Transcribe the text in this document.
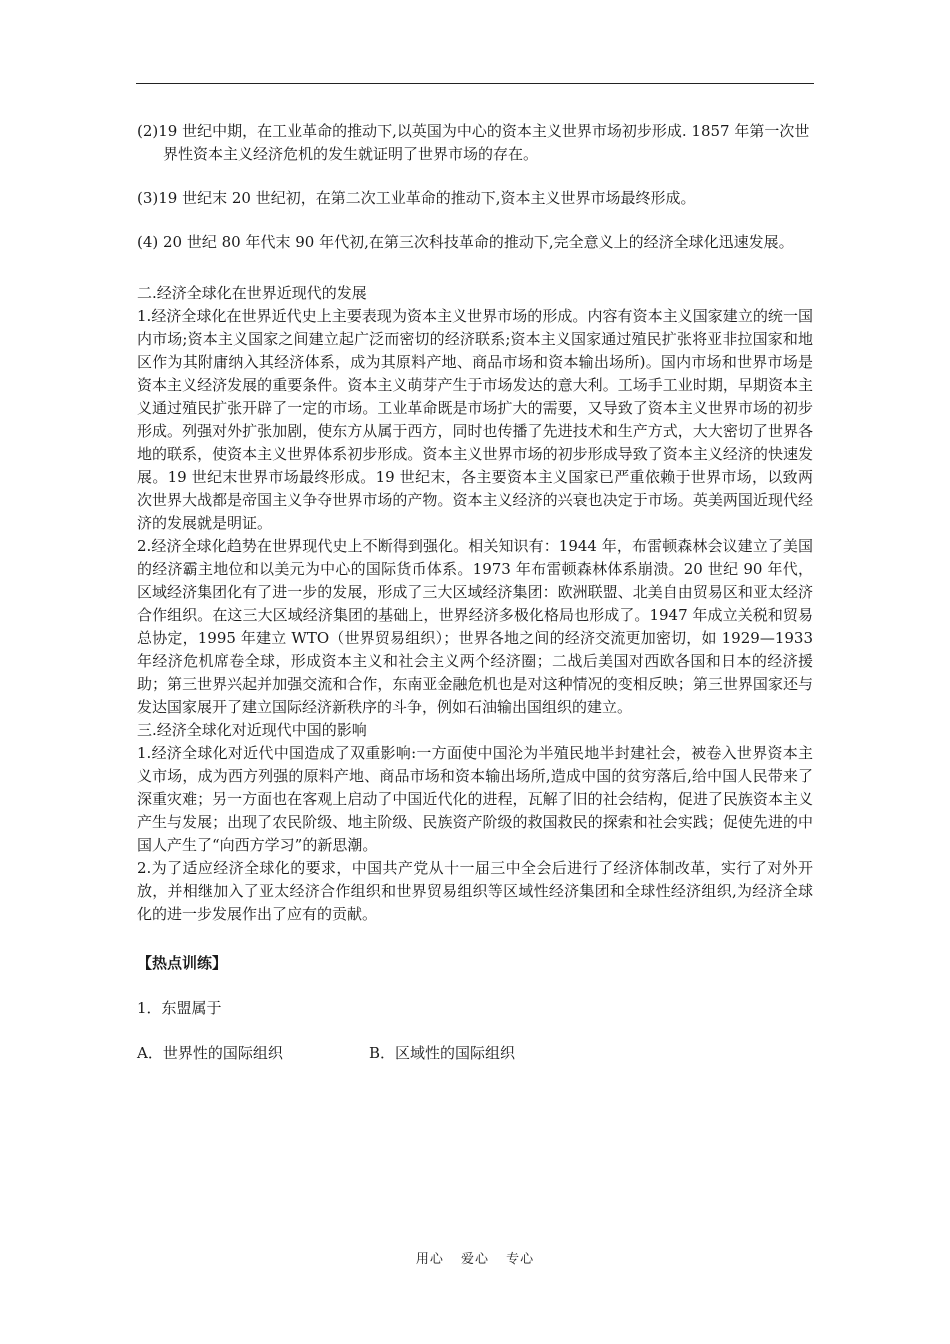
(2)19 世纪中期，在工业革命的推动下,以英国为中心的资本主义世界市场初步形成. 1857 年第一次世界性资本主义经济危机的发生就证明了世界市场的存在。

(3)19 世纪末 20 世纪初，在第二次工业革命的推动下,资本主义世界市场最终形成。

(4) 20 世纪 80 年代末 90 年代初,在第三次科技革命的推动下,完全意义上的经济全球化迅速发展。

二.经济全球化在世界近现代的发展

1.经济全球化在世界近代史上主要表现为资本主义世界市场的形成。内容有资本主义国家建立的统一国内市场;资本主义国家之间建立起广泛而密切的经济联系;资本主义国家通过殖民扩张将亚非拉国家和地区作为其附庸纳入其经济体系，成为其原料产地、商品市场和资本输出场所)。国内市场和世界市场是资本主义经济发展的重要条件。资本主义萌芽产生于市场发达的意大利。工场手工业时期，早期资本主义通过殖民扩张开辟了一定的市场。工业革命既是市场扩大的需要，又导致了资本主义世界市场的初步形成。列强对外扩张加剧，使东方从属于西方，同时也传播了先进技术和生产方式，大大密切了世界各地的联系，使资本主义世界体系初步形成。资本主义世界市场的初步形成导致了资本主义经济的快速发展。19 世纪末世界市场最终形成。19 世纪末，各主要资本主义国家已严重依赖于世界市场，以致两次世界大战都是帝国主义争夺世界市场的产物。资本主义经济的兴衰也决定于市场。英美两国近现代经济的发展就是明证。

2.经济全球化趋势在世界现代史上不断得到强化。相关知识有：1944 年，布雷顿森林会议建立了美国的经济霸主地位和以美元为中心的国际货币体系。1973 年布雷顿森林体系崩溃。20 世纪 90 年代，区域经济集团化有了进一步的发展，形成了三大区域经济集团：欧洲联盟、北美自由贸易区和亚太经济合作组织。在这三大区域经济集团的基础上，世界经济多极化格局也形成了。1947 年成立关税和贸易总协定，1995 年建立 WTO（世界贸易组织）；世界各地之间的经济交流更加密切，如 1929—1933 年经济危机席卷全球，形成资本主义和社会主义两个经济圈；二战后美国对西欧各国和日本的经济援助；第三世界兴起并加强交流和合作，东南亚金融危机也是对这种情况的变相反映；第三世界国家还与发达国家展开了建立国际经济新秩序的斗争，例如石油输出国组织的建立。

三.经济全球化对近现代中国的影响

1.经济全球化对近代中国造成了双重影响:一方面使中国沦为半殖民地半封建社会，被卷入世界资本主义市场，成为西方列强的原料产地、商品市场和资本输出场所,造成中国的贫穷落后,给中国人民带来了深重灾难；另一方面也在客观上启动了中国近代化的进程，瓦解了旧的社会结构，促进了民族资本主义产生与发展；出现了农民阶级、地主阶级、民族资产阶级的救国救民的探索和社会实践；促使先进的中国人产生了“向西方学习”的新思潮。

2.为了适应经济全球化的要求，中国共产党从十一届三中全会后进行了经济体制改革，实行了对外开放，并相继加入了亚太经济合作组织和世界贸易组织等区域性经济集团和全球性经济组织,为经济全球化的进一步发展作出了应有的贡献。

【热点训练】

1．东盟属于

A．世界性的国际组织	B．区域性的国际组织

用心 爱心 专心
